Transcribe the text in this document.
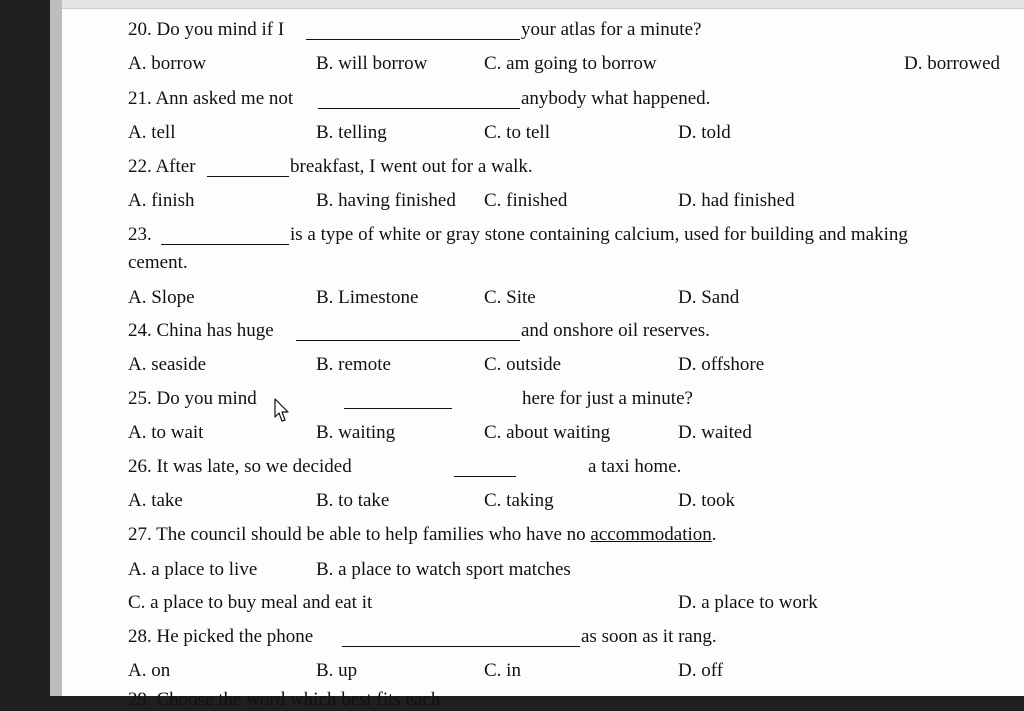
20. Do you mind if I	your atlas for a minute?
A. borrow	B. will borrow	C. am going to borrow	D. borrowed
21. Ann asked me not	anybody what happened.
A. tell	B. telling	C. to tell	D. told
22. After	breakfast, I went out for a walk.
A. finish	B. having finished C. finished	D. had finished
23.	is a type of white or gray stone containing calcium, used for building and making
cement.
A. Slope	B. Limestone	C. Site	D. Sand
24. China has huge	and onshore oil reserves.
A. seaside	B. remote	C. outside	D. offshore
25. Do you mind	here for just a minute?
A. to wait	B. waiting	C. about waiting	D. waited
26. It was late, so we decided	a taxi home.
A. take	B. to take	C. taking	D. took
27. The council should be able to help families who have no accommodation.
A. a place to live	B. a place to watch sport matches
C. a place to buy meal and eat it	D. a place to work
28. He picked the phone	as soon as it rang.
A. on	B. up	C. in	D. off
29. Choose the word which best fits each
